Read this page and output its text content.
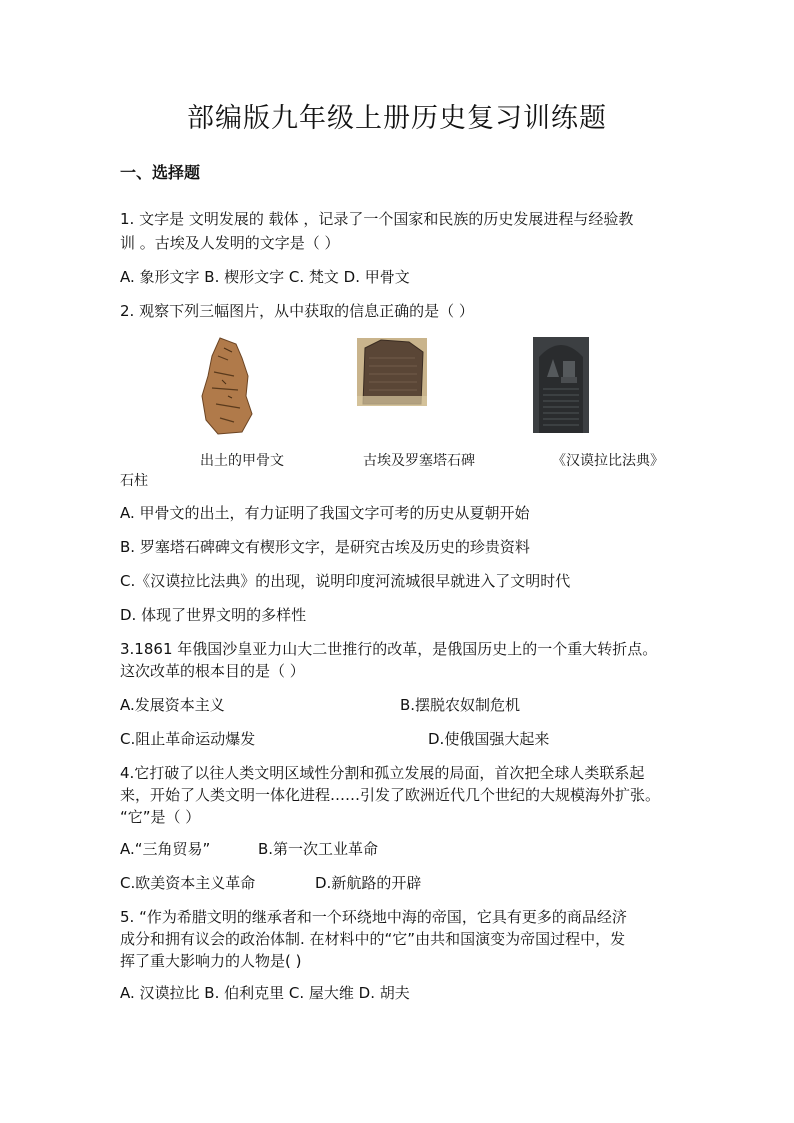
部编版九年级上册历史复习训练题
一、选择题
1. 文字是 文明发展的 载体 ，记录了一个国家和民族的历史发展进程与经验教
训 。古埃及人发明的文字是（ ）
A. 象形文字 B. 楔形文字 C. 梵文 D. 甲骨文
2. 观察下列三幅图片，从中获取的信息正确的是（ ）
出土的甲骨文	古埃及罗塞塔石碑	《汉谟拉比法典》
石柱
A. 甲骨文的出土，有力证明了我国文字可考的历史从夏朝开始
B. 罗塞塔石碑碑文有楔形文字，是研究古埃及历史的珍贵资料
C.《汉谟拉比法典》的出现，说明印度河流城很早就进入了文明时代
D. 体现了世界文明的多样性
3.1861 年俄国沙皇亚力山大二世推行的改革，是俄国历史上的一个重大转折点。
这次改革的根本目的是（ ）
A.发展资本主义	B.摆脱农奴制危机
C.阻止革命运动爆发	D.使俄国强大起来
4.它打破了以往人类文明区域性分割和孤立发展的局面，首次把全球人类联系起
来，开始了人类文明一体化进程……引发了欧洲近代几个世纪的大规模海外扩张。
“它”是（ ）
A.“三角贸易”	B.第一次工业革命
C.欧美资本主义革命	D.新航路的开辟
5. “作为希腊文明的继承者和一个环绕地中海的帝国，它具有更多的商品经济
成分和拥有议会的政治体制. 在材料中的“它”由共和国演变为帝国过程中，发
挥了重大影响力的人物是( )
A. 汉谟拉比 B. 伯利克里 C. 屋大维 D. 胡夫
